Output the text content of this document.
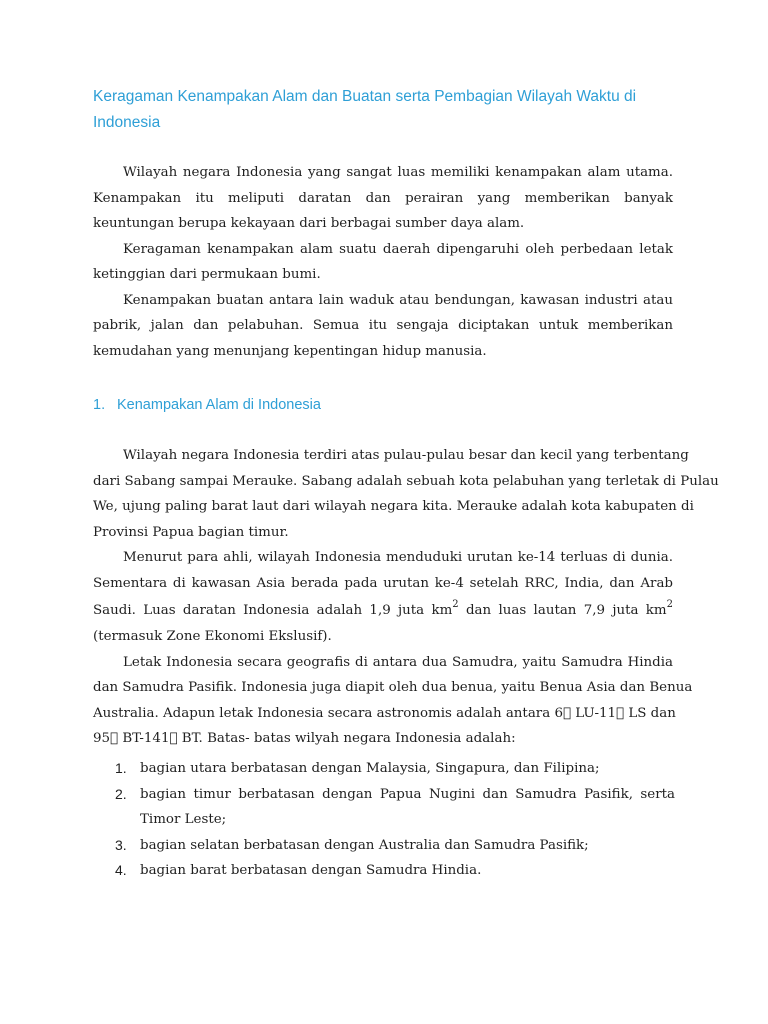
Keragaman Kenampakan Alam dan Buatan serta Pembagian Wilayah Waktu di
Indonesia
Wilayah negara Indonesia yang sangat luas memiliki kenampakan alam utama.
Kenampakan itu meliputi daratan dan perairan yang memberikan banyak
keuntungan berupa kekayaan dari berbagai sumber daya alam.
Keragaman kenampakan alam suatu daerah dipengaruhi oleh perbedaan letak
ketinggian dari permukaan bumi.
Kenampakan buatan antara lain waduk atau bendungan, kawasan industri atau
pabrik, jalan dan pelabuhan. Semua itu sengaja diciptakan untuk memberikan
kemudahan yang menunjang kepentingan hidup manusia.
1. Kenampakan Alam di Indonesia
Wilayah negara Indonesia terdiri atas pulau-pulau besar dan kecil yang terbentang
dari Sabang sampai Merauke. Sabang adalah sebuah kota pelabuhan yang terletak di Pulau
We, ujung paling barat laut dari wilayah negara kita. Merauke adalah kota kabupaten di
Provinsi Papua bagian timur.
Menurut para ahli, wilayah Indonesia menduduki urutan ke-14 terluas di dunia.
Sementara di kawasan Asia berada pada urutan ke-4 setelah RRC, India, dan Arab
Saudi. Luas daratan Indonesia adalah 1,9 juta $km^2$ dan luas lautan 7,9 juta $km^2$
(termasuk Zone Ekonomi Ekslusif).
Letak Indonesia secara geografis di antara dua Samudra, yaitu Samudra Hindia
dan Samudra Pasifik. Indonesia juga diapit oleh dua benua, yaitu Benua Asia dan Benua
Australia. Adapun letak Indonesia secara astronomis adalah antara 6⃞ LU-11⃞ LS dan
95⃞ BT-141⃞ BT. Batas- batas wilyah negara Indonesia adalah:
1. bagian utara berbatasan dengan Malaysia, Singapura, dan Filipina;
2. bagian timur berbatasan dengan Papua Nugini dan Samudra Pasifik, serta
Timor Leste;
3. bagian selatan berbatasan dengan Australia dan Samudra Pasifik;
4. bagian barat berbatasan dengan Samudra Hindia.
